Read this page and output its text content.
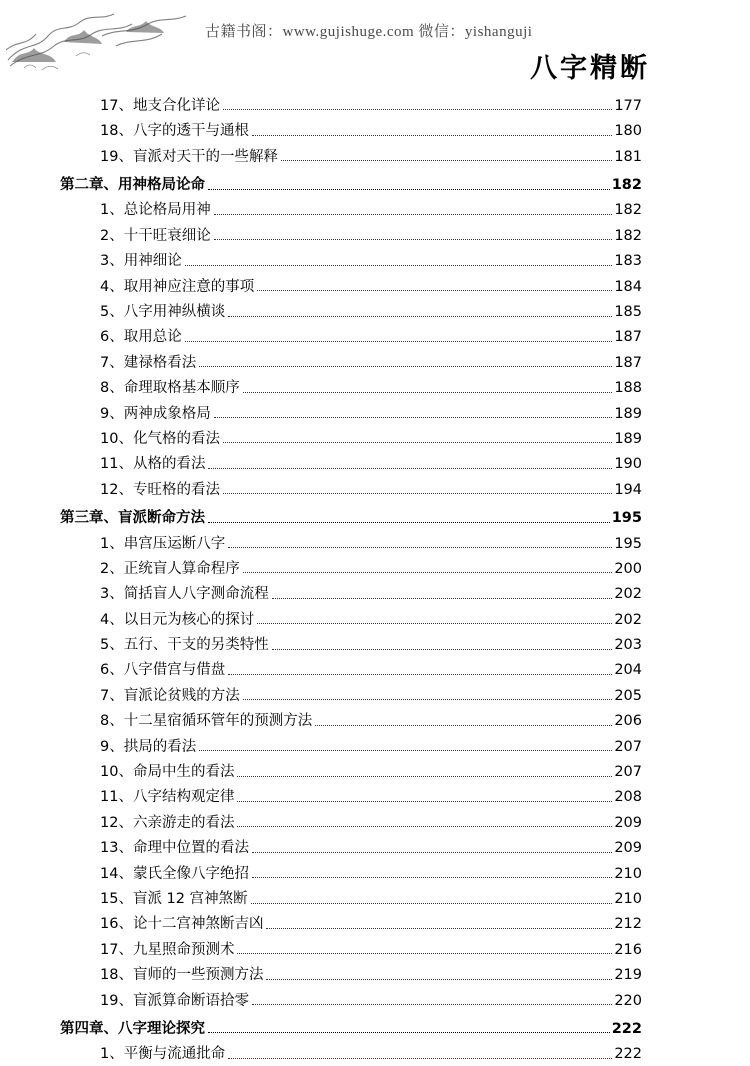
古籍书阁：www.gujishuge.com 微信：yishanguji
八字精断
17、地支合化详论	177
18、八字的透干与通根	180
19、盲派对天干的一些解释	181
第二章、用神格局论命	182
1、总论格局用神	182
2、十干旺衰细论	182
3、用神细论	183
4、取用神应注意的事项	184
5、八字用神纵横谈	185
6、取用总论	187
7、建禄格看法	187
8、命理取格基本顺序	188
9、两神成象格局	189
10、化气格的看法	189
11、从格的看法	190
12、专旺格的看法	194
第三章、盲派断命方法	195
1、串宫压运断八字	195
2、正统盲人算命程序	200
3、简括盲人八字测命流程	202
4、以日元为核心的探讨	202
5、五行、干支的另类特性	203
6、八字借宫与借盘	204
7、盲派论贫贱的方法	205
8、十二星宿循环管年的预测方法	206
9、拱局的看法	207
10、命局中生的看法	207
11、八字结构观定律	208
12、六亲游走的看法	209
13、命理中位置的看法	209
14、蒙氏全像八字绝招	210
15、盲派 12 宫神煞断	210
16、论十二宫神煞断吉凶	212
17、九星照命预测术	216
18、盲师的一些预测方法	219
19、盲派算命断语拾零	220
第四章、八字理论探究	222
1、平衡与流通批命	222
